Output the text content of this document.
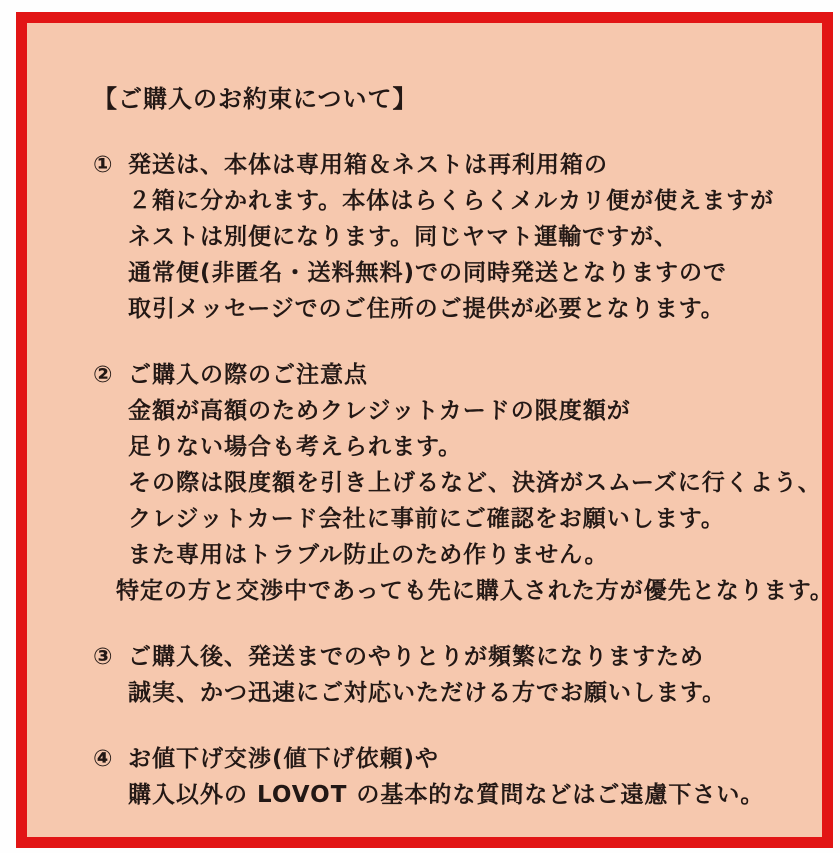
【ご購入のお約束について】
① 発送は、本体は専用箱＆ネストは再利用箱の
２箱に分かれます。本体はらくらくメルカリ便が使えますが
ネストは別便になります。同じヤマト運輸ですが、
通常便(非匿名・送料無料)での同時発送となりますので
取引メッセージでのご住所のご提供が必要となります。
② ご購入の際のご注意点
金額が高額のためクレジットカードの限度額が
足りない場合も考えられます。
その際は限度額を引き上げるなど、決済がスムーズに行くよう、
クレジットカード会社に事前にご確認をお願いします。
また専用はトラブル防止のため作りません。
特定の方と交渉中であっても先に購入された方が優先となります。
③ ご購入後、発送までのやりとりが頻繁になりますため
誠実、かつ迅速にご対応いただける方でお願いします。
④ お値下げ交渉(値下げ依頼)や
購入以外の LOVOT の基本的な質問などはご遠慮下さい。
